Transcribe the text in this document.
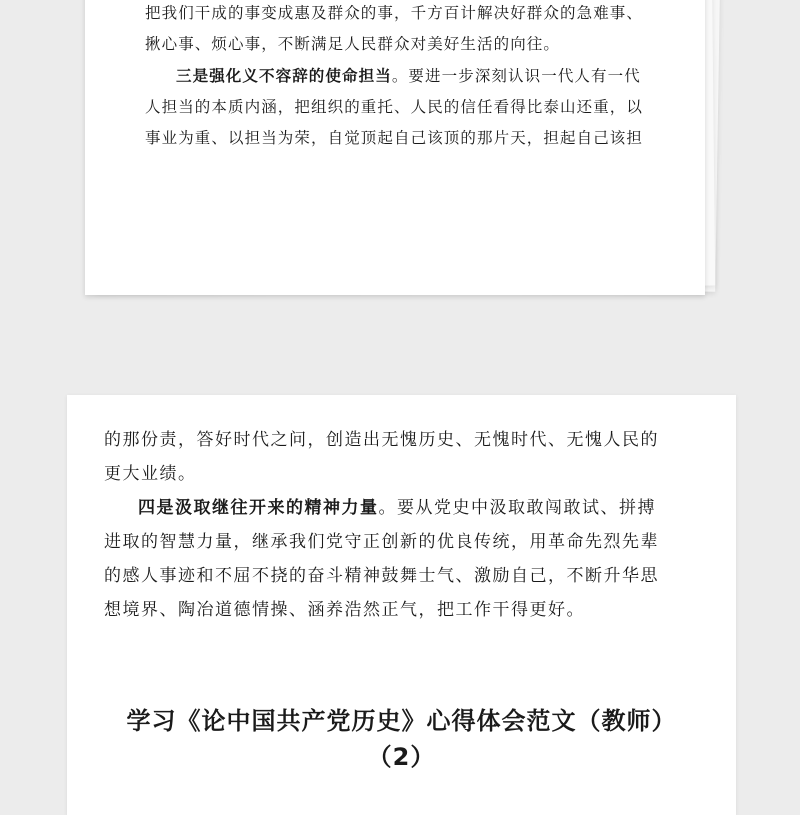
把我们干成的事变成惠及群众的事，千方百计解决好群众的急难事、
揪心事、烦心事，不断满足人民群众对美好生活的向往。

三是强化义不容辞的使命担当。要进一步深刻认识一代人有一代
人担当的本质内涵，把组织的重托、人民的信任看得比泰山还重，以
事业为重、以担当为荣，自觉顶起自己该顶的那片天，担起自己该担

的那份责，答好时代之问，创造出无愧历史、无愧时代、无愧人民的
更大业绩。

四是汲取继往开来的精神力量。要从党史中汲取敢闯敢试、拼搏
进取的智慧力量，继承我们党守正创新的优良传统，用革命先烈先辈
的感人事迹和不屈不挠的奋斗精神鼓舞士气、激励自己，不断升华思
想境界、陶冶道德情操、涵养浩然正气，把工作干得更好。

学习《论中国共产党历史》心得体会范文（教师）
（2）
